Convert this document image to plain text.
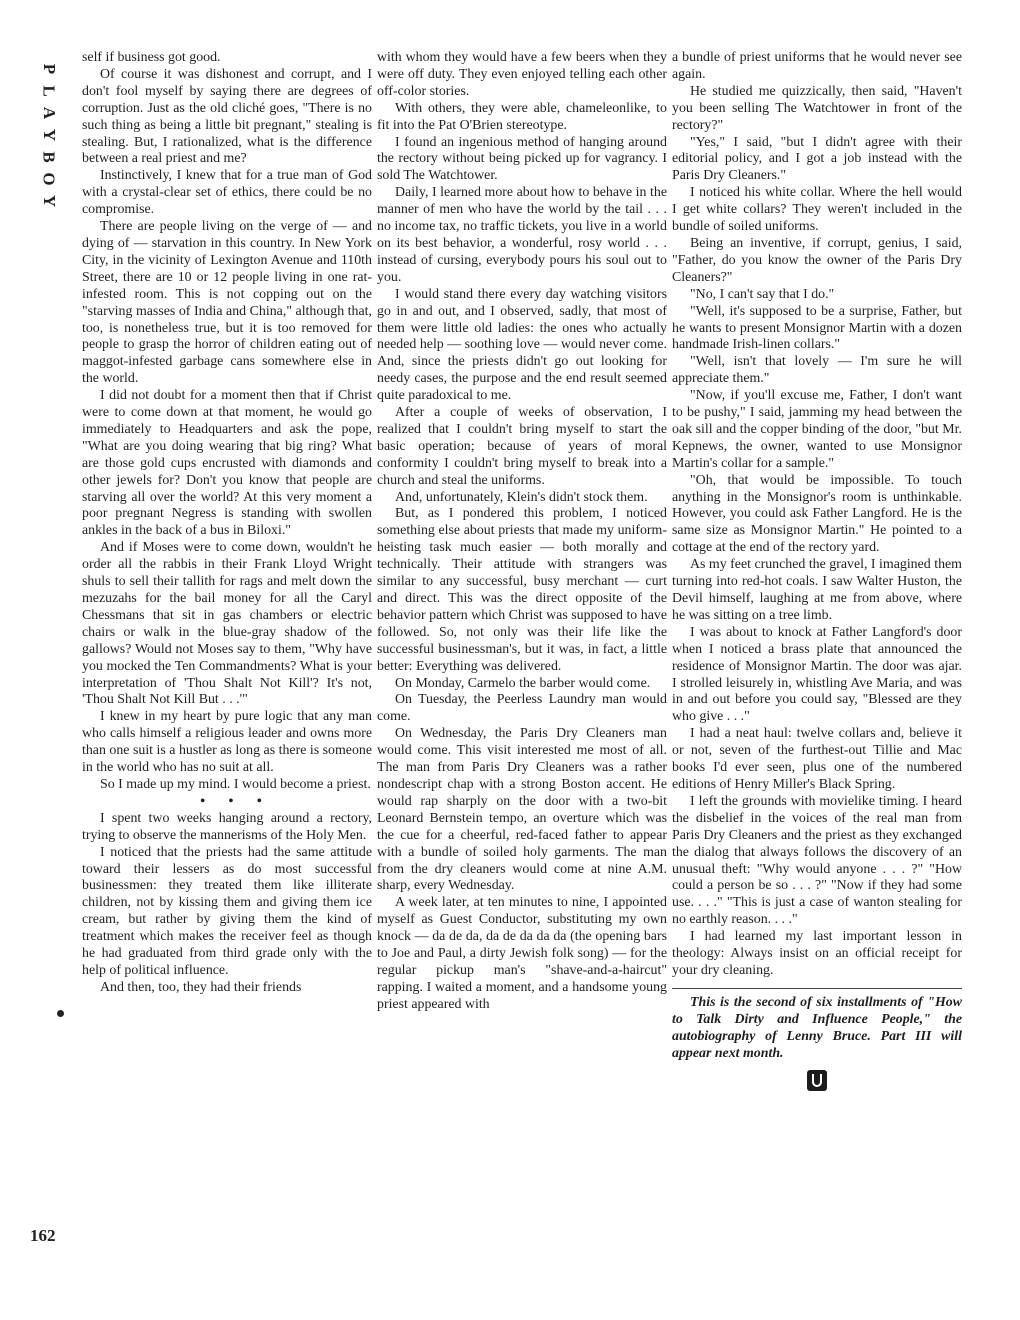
P
L
A
Y
B
O
Y

self if business got good.

Of course it was dishonest and corrupt, and I don't fool myself by saying there are degrees of corruption. Just as the old cliché goes, "There is no such thing as being a little bit pregnant," stealing is stealing. But, I rationalized, what is the difference between a real priest and me?

Instinctively, I knew that for a true man of God with a crystal-clear set of ethics, there could be no compromise.

There are people living on the verge of — and dying of — starvation in this country. In New York City, in the vicinity of Lexington Avenue and 110th Street, there are 10 or 12 people living in one rat-infested room. This is not copping out on the "starving masses of India and China," although that, too, is nonetheless true, but it is too removed for people to grasp the horror of children eating out of maggot-infested garbage cans somewhere else in the world.

I did not doubt for a moment then that if Christ were to come down at that moment, he would go immediately to Headquarters and ask the pope, "What are you doing wearing that big ring? What are those gold cups encrusted with diamonds and other jewels for? Don't you know that people are starving all over the world? At this very moment a poor pregnant Negress is standing with swollen ankles in the back of a bus in Biloxi."

And if Moses were to come down, wouldn't he order all the rabbis in their Frank Lloyd Wright shuls to sell their tallith for rags and melt down the mezuzahs for the bail money for all the Caryl Chessmans that sit in gas chambers or electric chairs or walk in the blue-gray shadow of the gallows? Would not Moses say to them, "Why have you mocked the Ten Commandments? What is your interpretation of 'Thou Shalt Not Kill'? It's not, 'Thou Shalt Not Kill But . . .'"

I knew in my heart by pure logic that any man who calls himself a religious leader and owns more than one suit is a hustler as long as there is someone in the world who has no suit at all.

So I made up my mind. I would become a priest.

• • •

I spent two weeks hanging around a rectory, trying to observe the mannerisms of the Holy Men.

I noticed that the priests had the same attitude toward their lessers as do most successful businessmen: they treated them like illiterate children, not by kissing them and giving them ice cream, but rather by giving them the kind of treatment which makes the receiver feel as though he had graduated from third grade only with the help of political influence.

And then, too, they had their friends

with whom they would have a few beers when they were off duty. They even enjoyed telling each other off-color stories.

With others, they were able, chameleonlike, to fit into the Pat O'Brien stereotype.

I found an ingenious method of hanging around the rectory without being picked up for vagrancy. I sold The Watchtower.

Daily, I learned more about how to behave in the manner of men who have the world by the tail . . . no income tax, no traffic tickets, you live in a world on its best behavior, a wonderful, rosy world . . . instead of cursing, everybody pours his soul out to you.

I would stand there every day watching visitors go in and out, and I observed, sadly, that most of them were little old ladies: the ones who actually needed help — soothing love — would never come. And, since the priests didn't go out looking for needy cases, the purpose and the end result seemed quite paradoxical to me.

After a couple of weeks of observation, I realized that I couldn't bring myself to start the basic operation; because of years of moral conformity I couldn't bring myself to break into a church and steal the uniforms.

And, unfortunately, Klein's didn't stock them.

But, as I pondered this problem, I noticed something else about priests that made my uniform-heisting task much easier — both morally and technically. Their attitude with strangers was similar to any successful, busy merchant — curt and direct. This was the direct opposite of the behavior pattern which Christ was supposed to have followed. So, not only was their life like the successful businessman's, but it was, in fact, a little better: Everything was delivered.

On Monday, Carmelo the barber would come.

On Tuesday, the Peerless Laundry man would come.

On Wednesday, the Paris Dry Cleaners man would come. This visit interested me most of all. The man from Paris Dry Cleaners was a rather nondescript chap with a strong Boston accent. He would rap sharply on the door with a two-bit Leonard Bernstein tempo, an overture which was the cue for a cheerful, red-faced father to appear with a bundle of soiled holy garments. The man from the dry cleaners would come at nine A.M. sharp, every Wednesday.

A week later, at ten minutes to nine, I appointed myself as Guest Conductor, substituting my own knock — da de da, da de da da da (the opening bars to Joe and Paul, a dirty Jewish folk song) — for the regular pickup man's "shave-and-a-haircut" rapping. I waited a moment, and a handsome young priest appeared with

a bundle of priest uniforms that he would never see again.

He studied me quizzically, then said, "Haven't you been selling The Watchtower in front of the rectory?"

"Yes," I said, "but I didn't agree with their editorial policy, and I got a job instead with the Paris Dry Cleaners."

I noticed his white collar. Where the hell would I get white collars? They weren't included in the bundle of soiled uniforms.

Being an inventive, if corrupt, genius, I said, "Father, do you know the owner of the Paris Dry Cleaners?"

"No, I can't say that I do."

"Well, it's supposed to be a surprise, Father, but he wants to present Monsignor Martin with a dozen handmade Irish-linen collars."

"Well, isn't that lovely — I'm sure he will appreciate them."

"Now, if you'll excuse me, Father, I don't want to be pushy," I said, jamming my head between the oak sill and the copper binding of the door, "but Mr. Kepnews, the owner, wanted to use Monsignor Martin's collar for a sample."

"Oh, that would be impossible. To touch anything in the Monsignor's room is unthinkable. However, you could ask Father Langford. He is the same size as Monsignor Martin." He pointed to a cottage at the end of the rectory yard.

As my feet crunched the gravel, I imagined them turning into red-hot coals. I saw Walter Huston, the Devil himself, laughing at me from above, where he was sitting on a tree limb.

I was about to knock at Father Langford's door when I noticed a brass plate that announced the residence of Monsignor Martin. The door was ajar. I strolled leisurely in, whistling Ave Maria, and was in and out before you could say, "Blessed are they who give . . ."

I had a neat haul: twelve collars and, believe it or not, seven of the furthest-out Tillie and Mac books I'd ever seen, plus one of the numbered editions of Henry Miller's Black Spring.

I left the grounds with movielike timing. I heard the disbelief in the voices of the real man from Paris Dry Cleaners and the priest as they exchanged the dialog that always follows the discovery of an unusual theft: "Why would anyone . . . ?" "How could a person be so . . . ?" "Now if they had some use. . . ." "This is just a case of wanton stealing for no earthly reason. . . ."

I had learned my last important lesson in theology: Always insist on an official receipt for your dry cleaning.

This is the second of six installments of "How to Talk Dirty and Influence People," the autobiography of Lenny Bruce. Part III will appear next month.

162
